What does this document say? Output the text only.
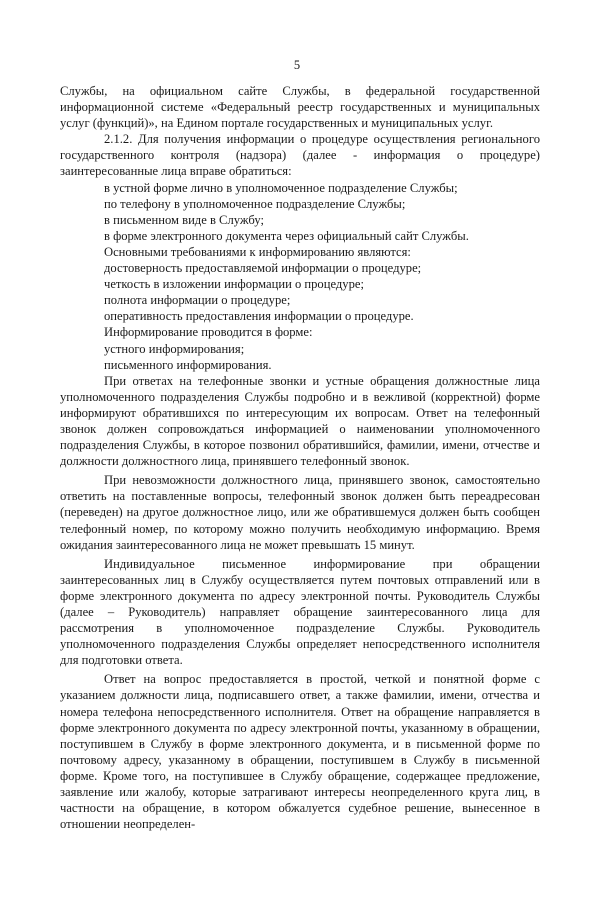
5

Службы, на официальном сайте Службы, в федеральной государственной информационной системе «Федеральный реестр государственных и муниципальных услуг (функций)», на Едином портале государственных и муниципальных услуг.

2.1.2. Для получения информации о процедуре осуществления регионального государственного контроля (надзора) (далее - информация о процедуре) заинтересованные лица вправе обратиться:

в устной форме лично в уполномоченное подразделение Службы;

по телефону в уполномоченное подразделение Службы;

в письменном виде в Службу;

в форме электронного документа через официальный сайт Службы.

Основными требованиями к информированию являются:

достоверность предоставляемой информации о процедуре;

четкость в изложении информации о процедуре;

полнота информации о процедуре;

оперативность предоставления информации о процедуре.

Информирование проводится в форме:

устного информирования;

письменного информирования.

При ответах на телефонные звонки и устные обращения должностные лица уполномоченного подразделения Службы подробно и в вежливой (корректной) форме информируют обратившихся по интересующим их вопросам. Ответ на телефонный звонок должен сопровождаться информацией о наименовании уполномоченного подразделения Службы, в которое позвонил обратившийся, фамилии, имени, отчестве и должности должностного лица, принявшего телефонный звонок.

При невозможности должностного лица, принявшего звонок, самостоятельно ответить на поставленные вопросы, телефонный звонок должен быть переадресован (переведен) на другое должностное лицо, или же обратившемуся должен быть сообщен телефонный номер, по которому можно получить необходимую информацию. Время ожидания заинтересованного лица не может превышать 15 минут.

Индивидуальное письменное информирование при обращении заинтересованных лиц в Службу осуществляется путем почтовых отправлений или в форме электронного документа по адресу электронной почты. Руководитель Службы (далее – Руководитель) направляет обращение заинтересованного лица для рассмотрения в уполномоченное подразделение Службы. Руководитель уполномоченного подразделения Службы определяет непосредственного исполнителя для подготовки ответа.

Ответ на вопрос предоставляется в простой, четкой и понятной форме с указанием должности лица, подписавшего ответ, а также фамилии, имени, отчества и номера телефона непосредственного исполнителя. Ответ на обращение направляется в форме электронного документа по адресу электронной почты, указанному в обращении, поступившем в Службу в форме электронного документа, и в письменной форме по почтовому адресу, указанному в обращении, поступившем в Службу в письменной форме. Кроме того, на поступившее в Службу обращение, содержащее предложение, заявление или жалобу, которые затрагивают интересы неопределенного круга лиц, в частности на обращение, в котором обжалуется судебное решение, вынесенное в отношении неопределен-
